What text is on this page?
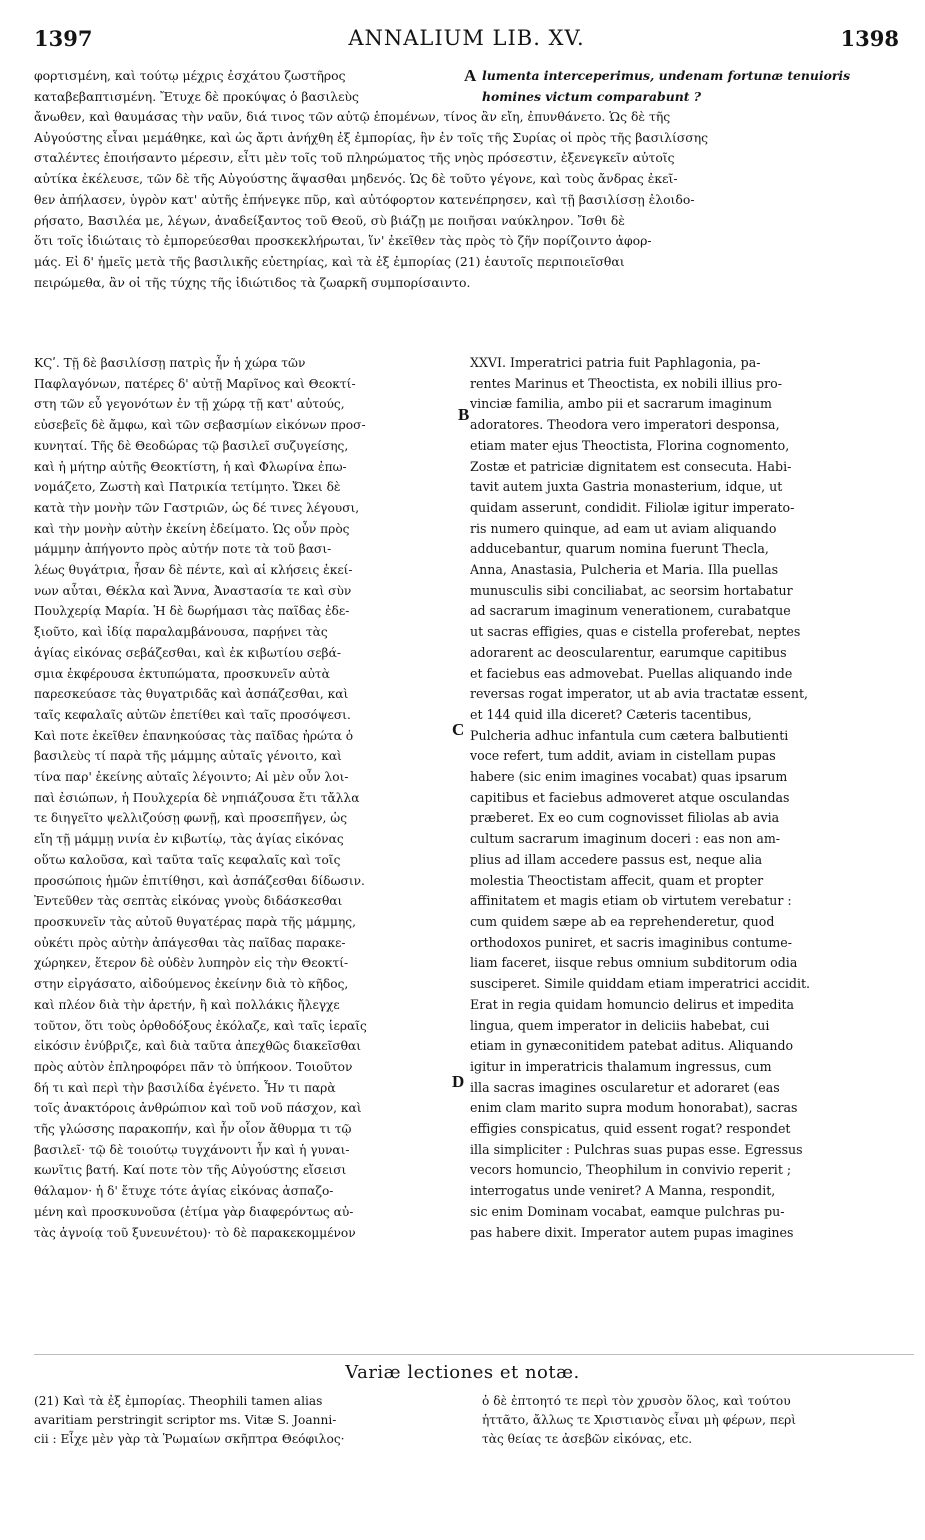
1397	ANNALIUM LIB. XV.	1398
φορτισμένη, καὶ τούτῳ μέχρις ἐσχάτου ζωστῆρος
καταβεβαπτισμένη. Ἔτυχε δὲ προκύψας ὁ βασιλεὺς
A lumenta interceperimus, undenam fortunæ tenuioris
homines victum comparabunt ?
ἄνωθεν, καὶ θαυμάσας τὴν ναῦν, διά τινος τῶν αὐτῷ ἑπομένων, τίνος ἂν εἴη, ἐπυνθάνετο. Ὡς δὲ τῆς
Αὐγούστης εἶναι μεμάθηκε, καὶ ὡς ἄρτι ἀνήχθη ἐξ ἐμπορίας, ἣν ἐν τοῖς τῆς Συρίας οἱ πρὸς τῆς βασιλίσσης
σταλέντες ἐποιήσαντο μέρεσιν, εἶτι μὲν τοῖς τοῦ πληρώματος τῆς νηὸς πρόσεστιν, ἐξενεγκεῖν αὐτοῖς
αὐτίκα ἐκέλευσε, τῶν δὲ τῆς Αὐγούστης ἅψασθαι μηδενός. Ὡς δὲ τοῦτο γέγονε, καὶ τοὺς ἄνδρας ἐκεῖ-
θεν ἀπήλασεν, ὑγρὸν κατ' αὐτῆς ἐπήνεγκε πῦρ, καὶ αὐτόφορτον κατενέπρησεν, καὶ τῇ βασιλίσσῃ ἐλοιδο-
ρήσατο, Βασιλέα με, λέγων, ἀναδείξαντος τοῦ Θεοῦ, σὺ βιάζῃ με ποιῆσαι ναύκληρον. Ἴσθι δὲ
ὅτι τοῖς ἰδιώταις τὸ ἐμπορεύεσθαι προσκεκλήρωται, ἵν' ἐκεῖθεν τὰς πρὸς τὸ ζῆν πορίζοιντο ἀφορ-
μάς. Εἰ δ' ἡμεῖς μετὰ τῆς βασιλικῆς εὐετηρίας, καὶ τὰ ἐξ ἐμπορίας (21) ἑαυτοῖς περιποιεῖσθαι
πειρώμεθα, ἂν οἱ τῆς τύχης τῆς ἰδιώτιδος τὰ ζωαρκῆ συμπορίσαιντο.
ΚϚʹ. Τῇ δὲ βασιλίσσῃ πατρὶς ἦν ἡ χώρα τῶν
Παφλαγόνων, πατέρες δ' αὐτῇ Μαρῖνος καὶ Θεοκτί-
στη τῶν εὖ γεγονότων ἐν τῇ χώρᾳ τῇ κατ' αὐτούς,
εὐσεβεῖς δὲ ἄμφω, καὶ τῶν σεβασμίων εἰκόνων προσ-
κυνηταί. Τῆς δὲ Θεοδώρας τῷ βασιλεῖ συζυγείσης,
καὶ ἡ μήτηρ αὐτῆς Θεοκτίστη, ἡ καὶ Φλωρίνα ἐπω-
νομάζετο, Ζωστὴ καὶ Πατρικία τετίμητο. Ὤκει δὲ
κατὰ τὴν μονὴν τῶν Γαστριῶν, ὡς δέ τινες λέγουσι,
καὶ τὴν μονὴν αὐτὴν ἐκείνη ἐδείματο. Ὡς οὖν πρὸς
μάμμην ἀπήγοντο πρὸς αὐτήν ποτε τὰ τοῦ βασι-
λέως θυγάτρια, ἦσαν δὲ πέντε, καὶ αἱ κλήσεις ἐκεί-
νων αὗται, Θέκλα καὶ Ἄννα, Ἀναστασία τε καὶ σὺν
Πουλχερίᾳ Μαρία. Ἡ δὲ δωρήμασι τὰς παῖδας ἐδε-
ξιοῦτο, καὶ ἰδίᾳ παραλαμβάνουσα, παρῄνει τὰς
ἁγίας εἰκόνας σεβάζεσθαι, καὶ ἐκ κιβωτίου σεβά-
σμια ἐκφέρουσα ἐκτυπώματα, προσκυνεῖν αὐτὰ
παρεσκεύασε τὰς θυγατριδᾶς καὶ ἀσπάζεσθαι, καὶ
ταῖς κεφαλαῖς αὐτῶν ἐπετίθει καὶ ταῖς προσόψεσι.
Καὶ ποτε ἐκεῖθεν ἐπανηκούσας τὰς παῖδας ἠρώτα ὁ
βασιλεὺς τί παρὰ τῆς μάμμης αὐταῖς γένοιτο, καὶ
τίνα παρ' ἐκείνης αὐταῖς λέγοιντο; Αἱ μὲν οὖν λοι-
παὶ ἐσιώπων, ἡ Πουλχερία δὲ νηπιάζουσα ἔτι τἄλλα
τε διηγεῖτο ψελλιζούσῃ φωνῇ, καὶ προσεπῆγεν, ὡς
εἴη τῇ μάμμῃ νινία ἐν κιβωτίῳ, τὰς ἁγίας εἰκόνας
οὕτω καλοῦσα, καὶ ταῦτα ταῖς κεφαλαῖς καὶ τοῖς
προσώποις ἡμῶν ἐπιτίθησι, καὶ ἀσπάζεσθαι δίδωσιν.
Ἐντεῦθεν τὰς σεπτὰς εἰκόνας γνοὺς διδάσκεσθαι
προσκυνεῖν τὰς αὐτοῦ θυγατέρας παρὰ τῆς μάμμης,
οὐκέτι πρὸς αὐτὴν ἀπάγεσθαι τὰς παῖδας παρακε-
χώρηκεν, ἕτερον δὲ οὐδὲν λυπηρὸν εἰς τὴν Θεοκτί-
στην εἰργάσατο, αἰδούμενος ἐκείνην διὰ τὸ κῆδος,
καὶ πλέον διὰ τὴν ἀρετήν, ἢ καὶ πολλάκις ἤλεγχε
τοῦτον, ὅτι τοὺς ὀρθοδόξους ἐκόλαζε, καὶ ταῖς ἱεραῖς
εἰκόσιν ἐνύβριζε, καὶ διὰ ταῦτα ἀπεχθῶς διακεῖσθαι
πρὸς αὐτὸν ἐπληροφόρει πᾶν τὸ ὑπήκοον. Τοιοῦτον
δή τι καὶ περὶ τὴν βασιλίδα ἐγένετο. Ἦν τι παρὰ
τοῖς ἀνακτόροις ἀνθρώπιον καὶ τοῦ νοῦ πάσχον, καὶ
τῆς γλώσσης παρακοπήν, καὶ ἦν οἷον ἄθυρμα τι τῷ
βασιλεῖ· τῷ δὲ τοιούτῳ τυγχάνοντι ἦν καὶ ἡ γυναι-
κωνῖτις βατή. Καί ποτε τὸν τῆς Αὐγούστης εἴσεισι
θάλαμον· ἡ δ' ἔτυχε τότε ἁγίας εἰκόνας ἀσπαζο-
μένη καὶ προσκυνοῦσα (ἐτίμα γὰρ διαφερόντως αὐ-
τὰς ἀγνοίᾳ τοῦ ξυνευνέτου)· τὸ δὲ παρακεκομμένον
B
C
D
XXVI. Imperatrici patria fuit Paphlagonia, pa-
rentes Marinus et Theoctista, ex nobili illius pro-
vinciæ familia, ambo pii et sacrarum imaginum
adoratores. Theodora vero imperatori desponsa,
etiam mater ejus Theoctista, Florina cognomento,
Zostæ et patriciæ dignitatem est consecuta. Habi-
tavit autem juxta Gastria monasterium, idque, ut
quidam asserunt, condidit. Filiolæ igitur imperato-
ris numero quinque, ad eam ut aviam aliquando
adducebantur, quarum nomina fuerunt Thecla,
Anna, Anastasia, Pulcheria et Maria. Illa puellas
munusculis sibi conciliabat, ac seorsim hortabatur
ad sacrarum imaginum venerationem, curabatque
ut sacras effigies, quas e cistella proferebat, neptes
adorarent ac deoscularentur, earumque capitibus
et faciebus eas admovebat. Puellas aliquando inde
reversas rogat imperator, ut ab avia tractatæ essent,
et 144 quid illa diceret? Cæteris tacentibus,
Pulcheria adhuc infantula cum cætera balbutienti
voce refert, tum addit, aviam in cistellam pupas
habere (sic enim imagines vocabat) quas ipsarum
capitibus et faciebus admoveret atque osculandas
præberet. Ex eo cum cognovisset filiolas ab avia
cultum sacrarum imaginum doceri : eas non am-
plius ad illam accedere passus est, neque alia
molestia Theoctistam affecit, quam et propter
affinitatem et magis etiam ob virtutem verebatur :
cum quidem sæpe ab ea reprehenderetur, quod
orthodoxos puniret, et sacris imaginibus contume-
liam faceret, iisque rebus omnium subditorum odia
susciperet. Simile quiddam etiam imperatrici accidit.
Erat in regia quidam homuncio delirus et impedita
lingua, quem imperator in deliciis habebat, cui
etiam in gynæconitidem patebat aditus. Aliquando
igitur in imperatricis thalamum ingressus, cum
illa sacras imagines oscularetur et adoraret (eas
enim clam marito supra modum honorabat), sacras
effigies conspicatus, quid essent rogat? respondet
illa simpliciter : Pulchras suas pupas esse. Egressus
vecors homuncio, Theophilum in convivio reperit ;
interrogatus unde veniret? A Manna, respondit,
sic enim Dominam vocabat, eamque pulchras pu-
pas habere dixit. Imperator autem pupas imagines
Variæ lectiones et notæ.
(21) Καὶ τὰ ἐξ ἐμπορίας. Theophili tamen alias
avaritiam perstringit scriptor ms. Vitæ S. Joanni-
cii : Εἶχε μὲν γὰρ τὰ Ῥωμαίων σκῆπτρα Θεόφιλος·
ὁ δὲ ἐπτοητό τε περὶ τὸν χρυσὸν ὅλος, καὶ τούτου
ἡττᾶτο, ἄλλως τε Χριστιανὸς εἶναι μὴ φέρων, περὶ
τὰς θείας τε ἀσεβῶν εἰκόνας, etc.
